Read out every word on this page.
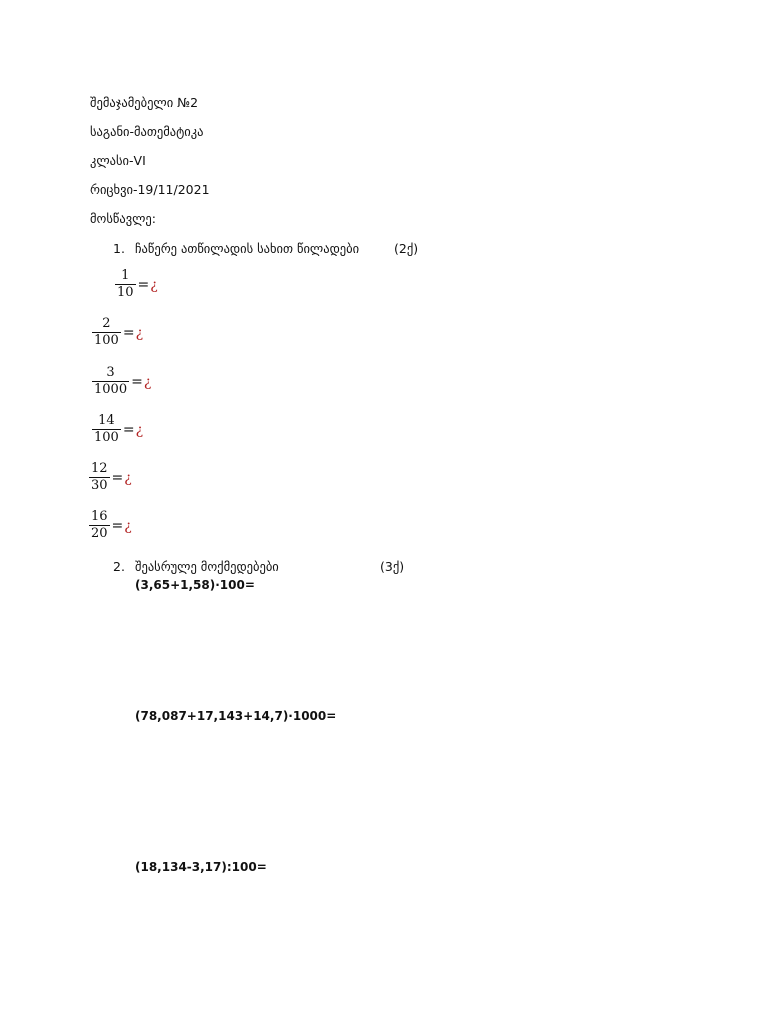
შემაჯამებელი №2
საგანი-მათემატიკა
კლასი-VI
რიცხვი-19/11/2021
მოსწავლე:
1. ჩაწერე ათწილადის სახით წილადები	(2ქ)
$\frac{1}{10}$ = ¿
$\frac{2}{100}$ = ¿
$\frac{3}{1000}$ = ¿
$\frac{14}{100}$ = ¿
$\frac{12}{30}$ = ¿
$\frac{16}{20}$ = ¿
2. შეასრულე მოქმედებები	(3ქ)
(3,65+1,58)·100=
(78,087+17,143+14,7)·1000=
(18,134-3,17):100=
